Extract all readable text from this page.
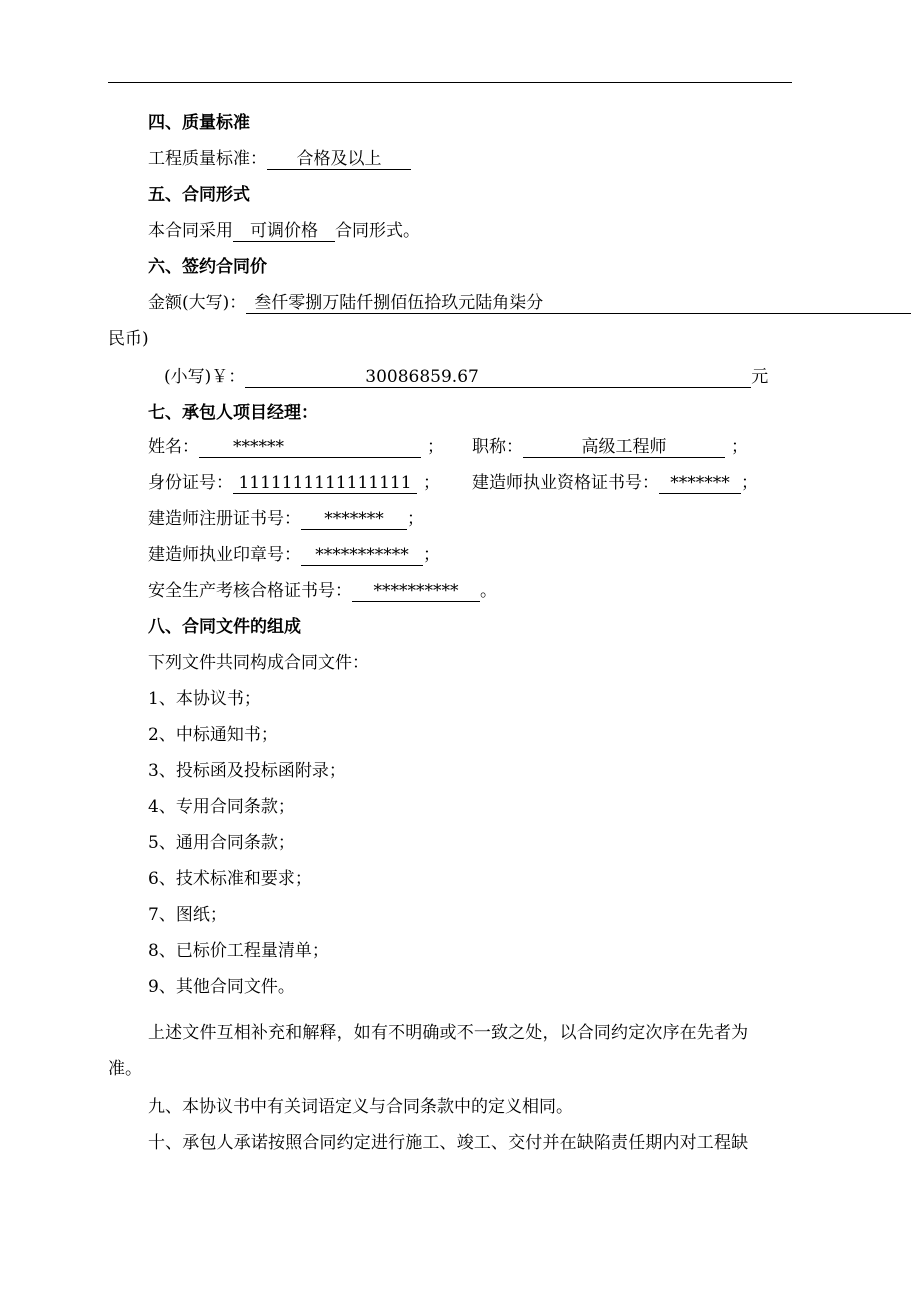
四、质量标准
工程质量标准： 合格及以上
五、合同形式
本合同采用 可调价格 合同形式。
六、签约合同价
金额(大写)： 叁仟零捌万陆仟捌佰伍拾玖元陆角柒分
民币)
(小写)￥：	30086859.67	元
七、承包人项目经理：
姓名： ******	； 职称：	高级工程师	；
身份证号： 1111111111111111 ； 建造师执业资格证书号： ******* ；
建造师注册证书号： ******* ；
建造师执业印章号： *********** ；
安全生产考核合格证书号： ********** 。
八、合同文件的组成
下列文件共同构成合同文件：
1、本协议书；
2、中标通知书；
3、投标函及投标函附录；
4、专用合同条款；
5、通用合同条款；
6、技术标准和要求；
7、图纸；
8、已标价工程量清单；
9、其他合同文件。
上述文件互相补充和解释，如有不明确或不一致之处，以合同约定次序在先者为
准。
九、本协议书中有关词语定义与合同条款中的定义相同。
十、承包人承诺按照合同约定进行施工、竣工、交付并在缺陷责任期内对工程缺
